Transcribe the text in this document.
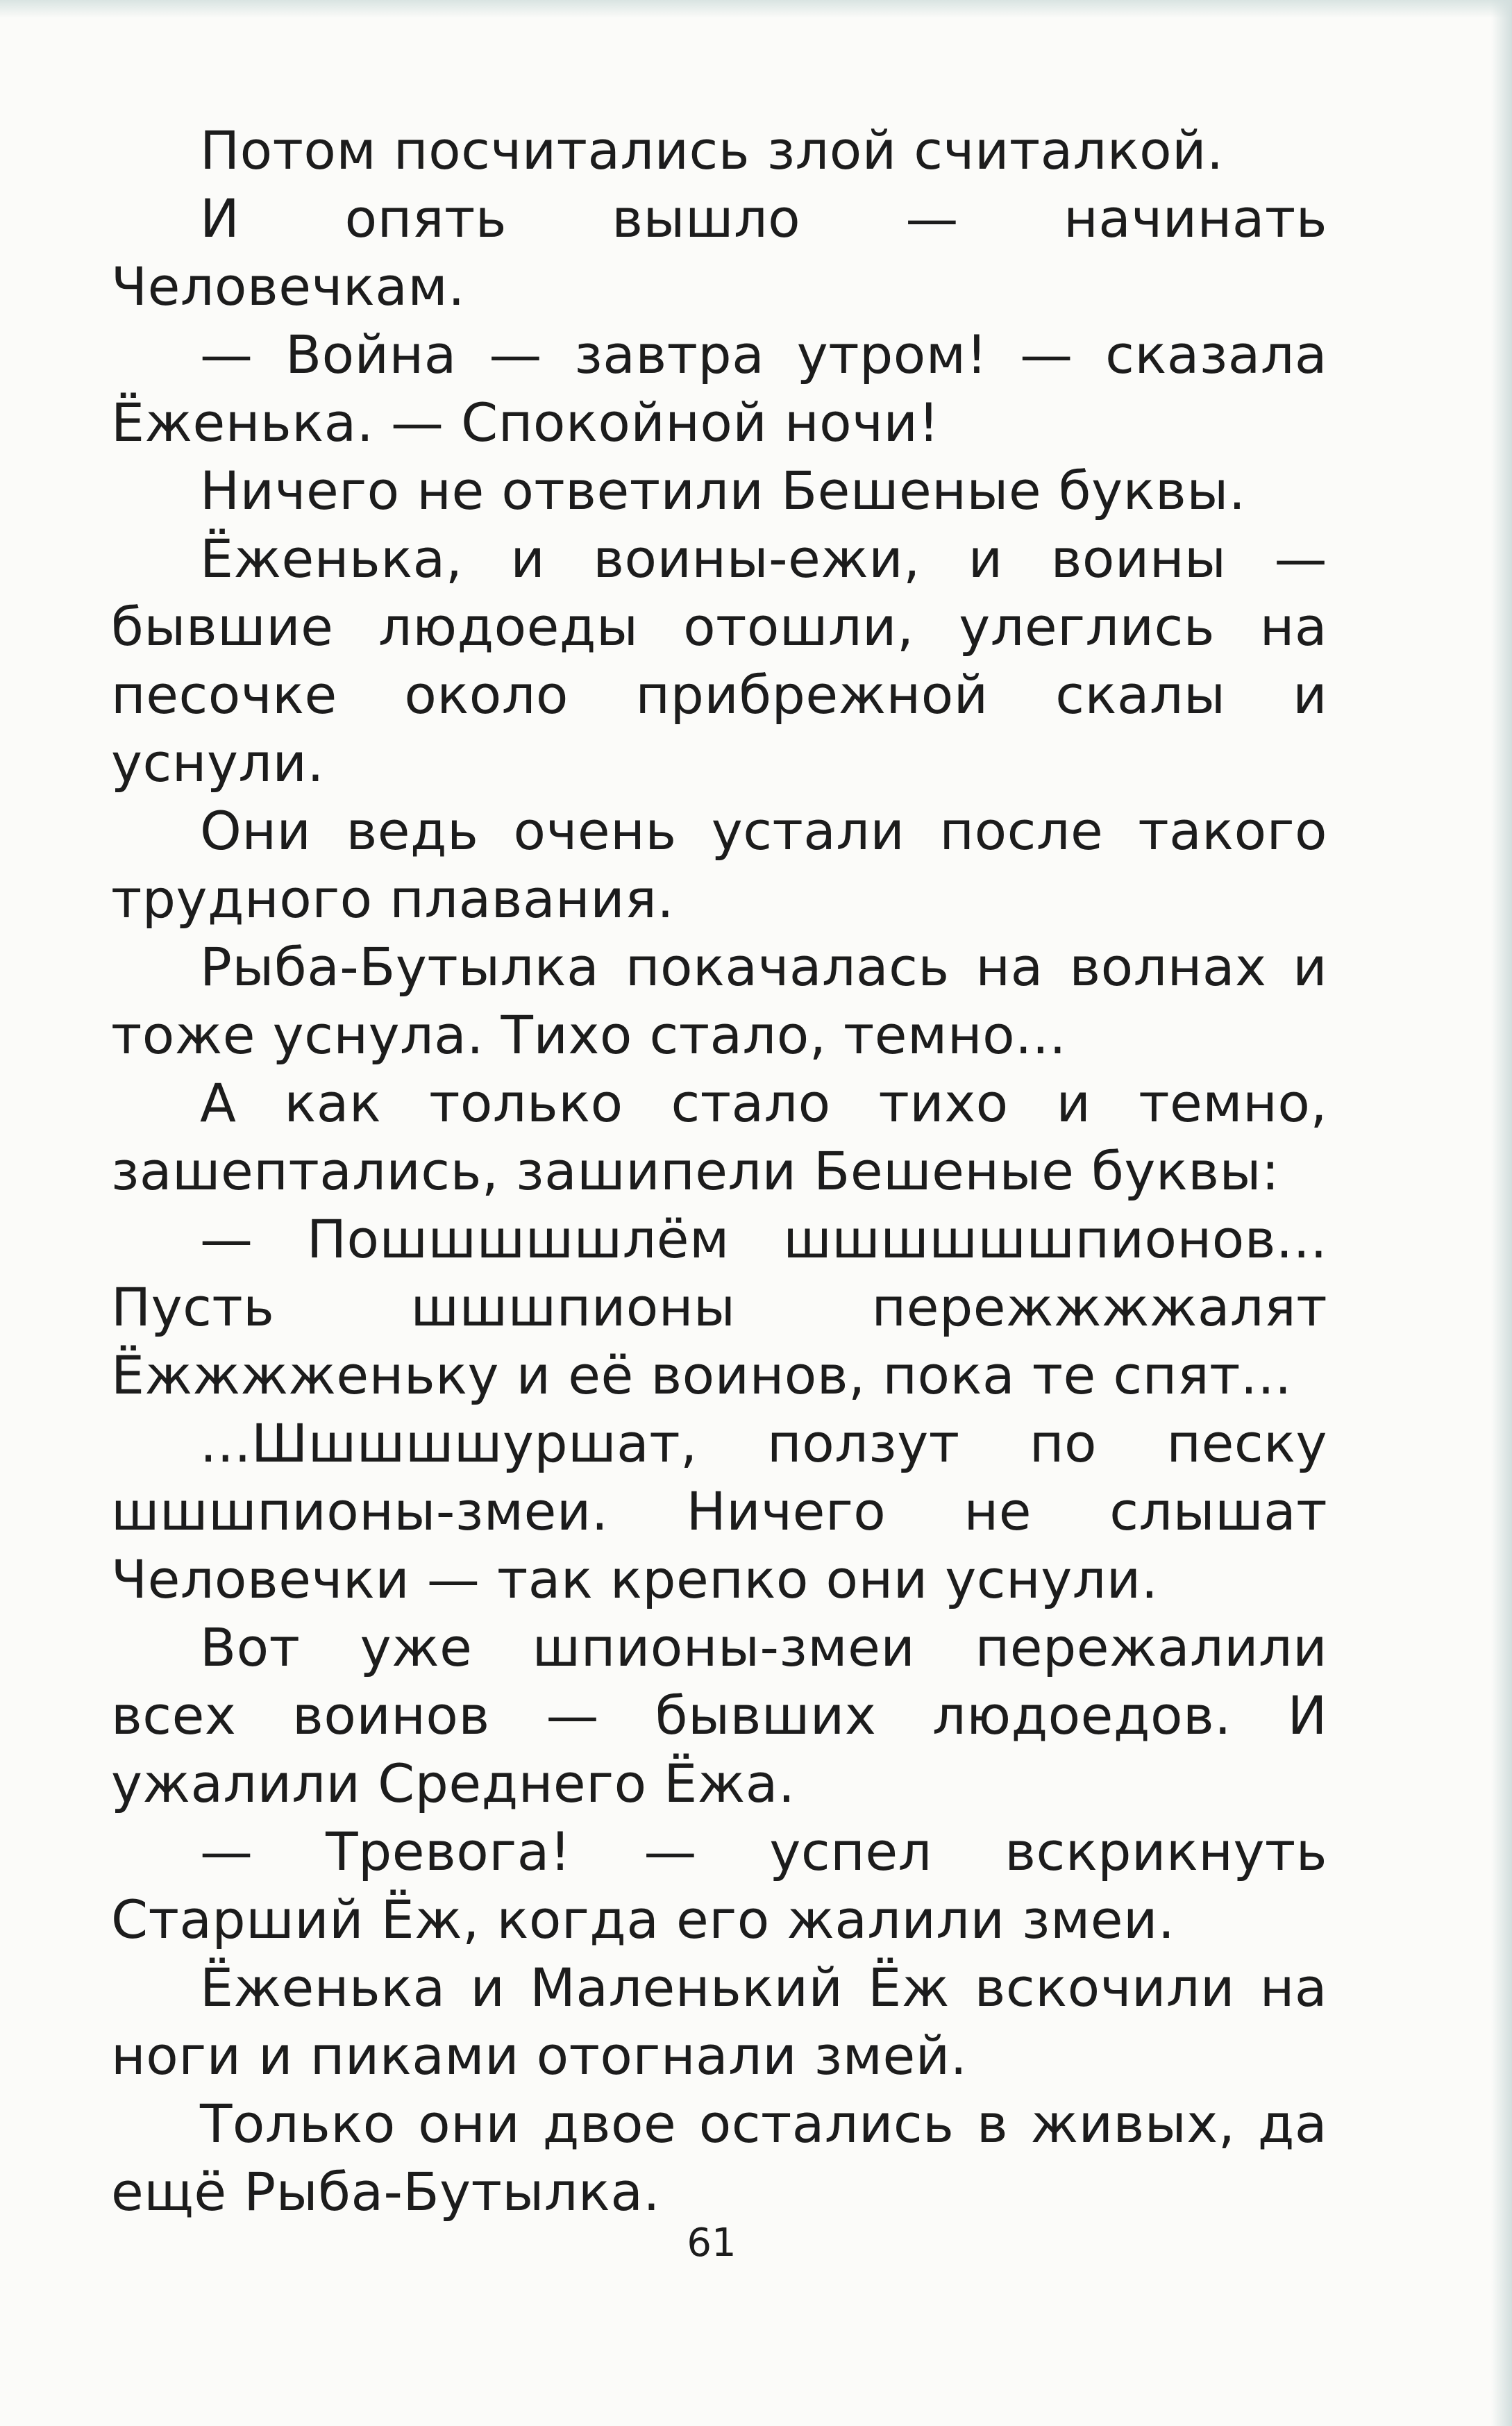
Потом посчитались злой считалкой.

И опять вышло — начинать Человечкам.

— Война — завтра утром! — сказала Ёженька. — Спокойной ночи!

Ничего не ответили Бешеные буквы.

Ёженька, и воины-ежи, и воины — бывшие людоеды отошли, улеглись на песочке около прибрежной скалы и уснули.

Они ведь очень устали после такого трудного плавания.

Рыба-Бутылка покачалась на волнах и тоже уснула. Тихо стало, темно...

А как только стало тихо и темно, зашептались, зашипели Бешеные буквы:

— Пошшшшшлём шшшшшшпионов... Пусть шшшпионы пережжжжалят Ёжжжженьку и её воинов, пока те спят...

...Шшшшшуршат, ползут по песку шшшпионы-змеи. Ничего не слышат Человечки — так крепко они уснули.

Вот уже шпионы-змеи пережалили всех воинов — бывших людоедов. И ужалили Среднего Ёжа.

— Тревога! — успел вскрикнуть Старший Ёж, когда его жалили змеи.

Ёженька и Маленький Ёж вскочили на ноги и пиками отогнали змей.

Только они двое остались в живых, да ещё Рыба-Бутылка.

61
